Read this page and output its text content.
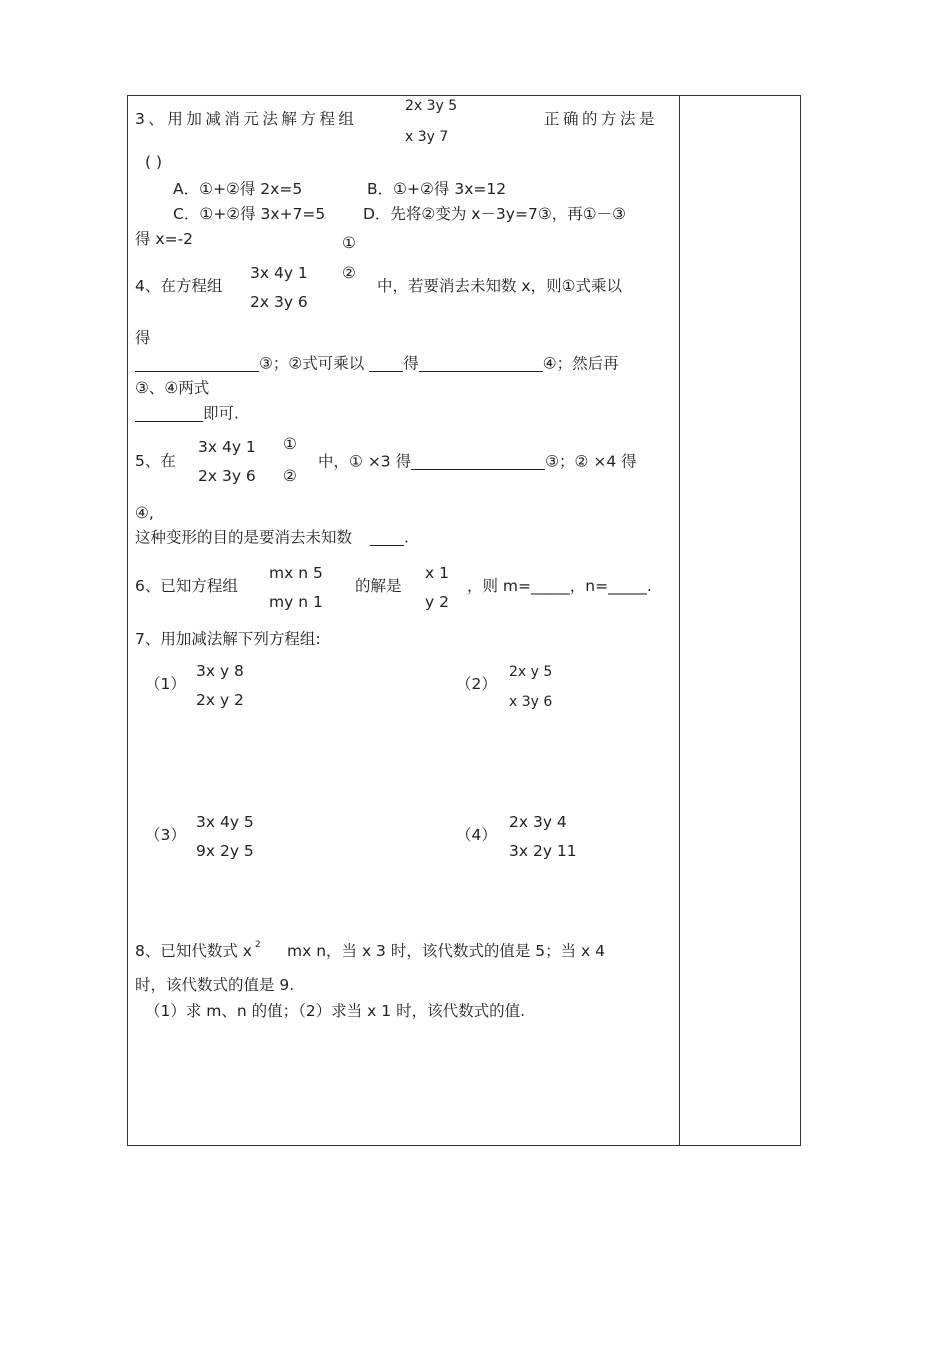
3、用加减消元法解方程组
2x 3y 5
x 3y 7
正确的方法是
( )
A．①+②得 2x=5	B．①+②得 3x=12
C．①+②得 3x+7=5 D．先将②变为 x－3y=7③，再①－③
得 x=-2	①
4、在方程组
3x 4y 1 ②
2x 3y 6
中，若要消去未知数 x，则①式乘以
得
③；②式可乘以	得	④；然后再
③、④两式
即可.
3x 4y 1 ①
5、在
2x 3y 6 ②
中，① ×3 得	③；② ×4 得
④,
这种变形的目的是要消去未知数	.
6、已知方程组
mx n 5
my n 1
的解是
x 1
y 2
，则 m=_____，n=_____.
7、用加减法解下列方程组:
（1）
3x y 8
2x y 2
（2）
2x y 5
x 3y 6
（3）
3x 4y 5
9x 2y 5
（4）
2x 3y 4
3x 2y 11
8、已知代数式 x $^2$ mx n，当 x 3 时，该代数式的值是 5；当 x 4
时，该代数式的值是 9.
（1）求 m、n 的值；（2）求当 x 1 时，该代数式的值.
